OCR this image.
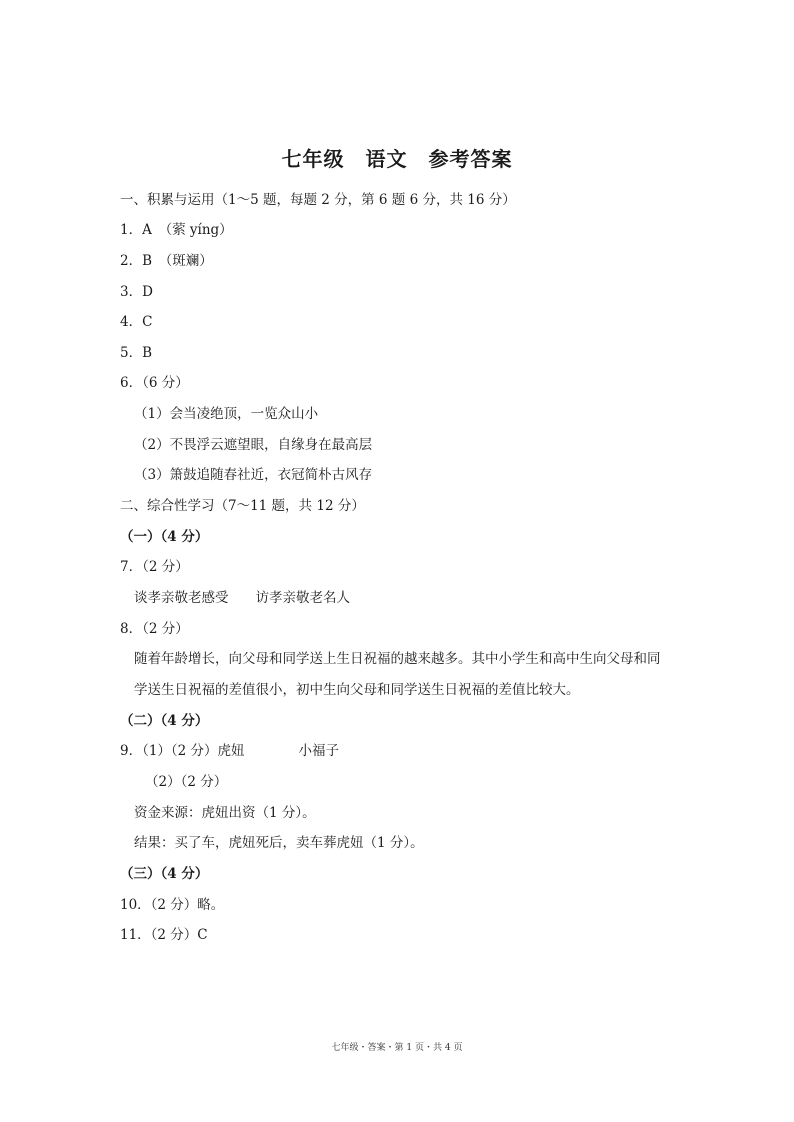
七年级　语文　参考答案
一、积累与运用（1～5 题，每题 2 分，第 6 题 6 分，共 16 分）
1．A　（萦 yíng）
2．B　（斑斓）
3．D
4．C
5．B
6．（6 分）
（1）会当凌绝顶，一览众山小
（2）不畏浮云遮望眼，自缘身在最高层
（3）箫鼓追随春社近，衣冠简朴古风存
二、综合性学习（7～11 题，共 12 分）
（一）（4 分）
7．（2 分）
谈孝亲敬老感受　　访孝亲敬老名人
8．（2 分）
随着年龄增长，向父母和同学送上生日祝福的越来越多。其中小学生和高中生向父母和同
学送生日祝福的差值很小，初中生向父母和同学送生日祝福的差值比较大。
（二）（4 分）
9．（1）（2 分）虎妞　　　　小福子
（2）（2 分）
资金来源：虎妞出资（1 分）。
结果：买了车，虎妞死后，卖车葬虎妞（1 分）。
（三）（4 分）
10．（2 分）略。
11．（2 分）C
七年级・答案・第 1 页・共 4 页
